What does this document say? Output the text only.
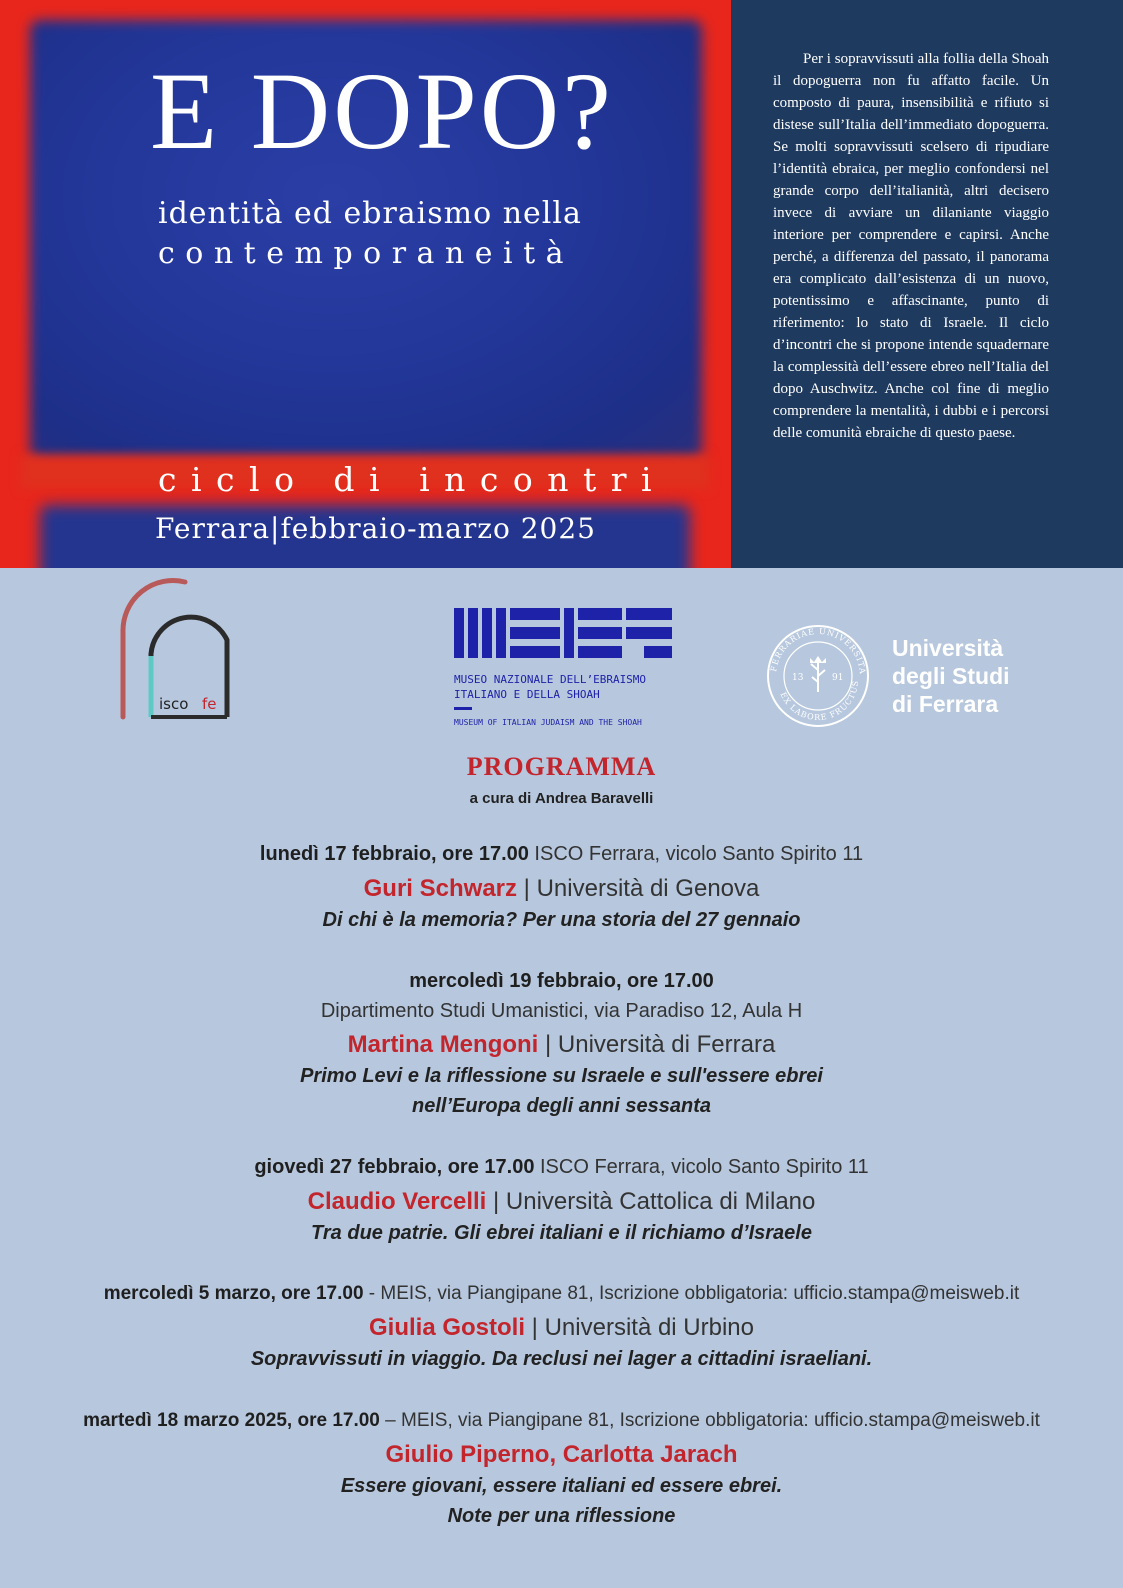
E DOPO?

identità ed ebraismo nella

contemporaneità

ciclo di incontri

Ferrara|febbraio-marzo 2025

Per i sopravvissuti alla follia della Shoah il dopoguerra non fu affatto facile. Un composto di paura, insensibilità e rifiuto si distese sull’Italia dell’immediato dopoguerra. Se molti sopravvissuti scelsero di ripudiare l’identità ebraica, per meglio confondersi nel grande corpo dell’italianità, altri decisero invece di avviare un dilaniante viaggio interiore per comprendere e capirsi. Anche perché, a differenza del passato, il panorama era complicato dall’esistenza di un nuovo, potentissimo e affascinante, punto di riferimento: lo stato di Israele. Il ciclo d’incontri che si propone intende squadernare la complessità dell’essere ebreo nell’Italia del dopo Auschwitz. Anche col fine di meglio comprendere la mentalità, i dubbi e i percorsi delle comunità ebraiche di questo paese.

isco fe

MUSEO NAZIONALE DELL’EBRAISMO
ITALIANO E DELLA SHOAH

MUSEUM OF ITALIAN JUDAISM AND THE SHOAH

FERRARIAE UNIVERSITA
EX LABORE FRUCTUS
13	91

Università
degli Studi
di Ferrara

PROGRAMMA

a cura di Andrea Baravelli

lunedì 17 febbraio, ore 17.00 ISCO Ferrara, vicolo Santo Spirito 11

Guri Schwarz | Università di Genova

Di chi è la memoria? Per una storia del 27 gennaio

mercoledì 19 febbraio, ore 17.00

Dipartimento Studi Umanistici, via Paradiso 12, Aula H

Martina Mengoni | Università di Ferrara

Primo Levi e la riflessione su Israele e sull'essere ebrei

nell’Europa degli anni sessanta

giovedì 27 febbraio, ore 17.00 ISCO Ferrara, vicolo Santo Spirito 11

Claudio Vercelli | Università Cattolica di Milano

Tra due patrie. Gli ebrei italiani e il richiamo d’Israele

mercoledì 5 marzo, ore 17.00 - MEIS, via Piangipane 81, Iscrizione obbligatoria: ufficio.stampa@meisweb.it

Giulia Gostoli | Università di Urbino

Sopravvissuti in viaggio. Da reclusi nei lager a cittadini israeliani.

martedì 18 marzo 2025, ore 17.00 – MEIS, via Piangipane 81, Iscrizione obbligatoria: ufficio.stampa@meisweb.it

Giulio Piperno, Carlotta Jarach

Essere giovani, essere italiani ed essere ebrei.

Note per una riflessione
